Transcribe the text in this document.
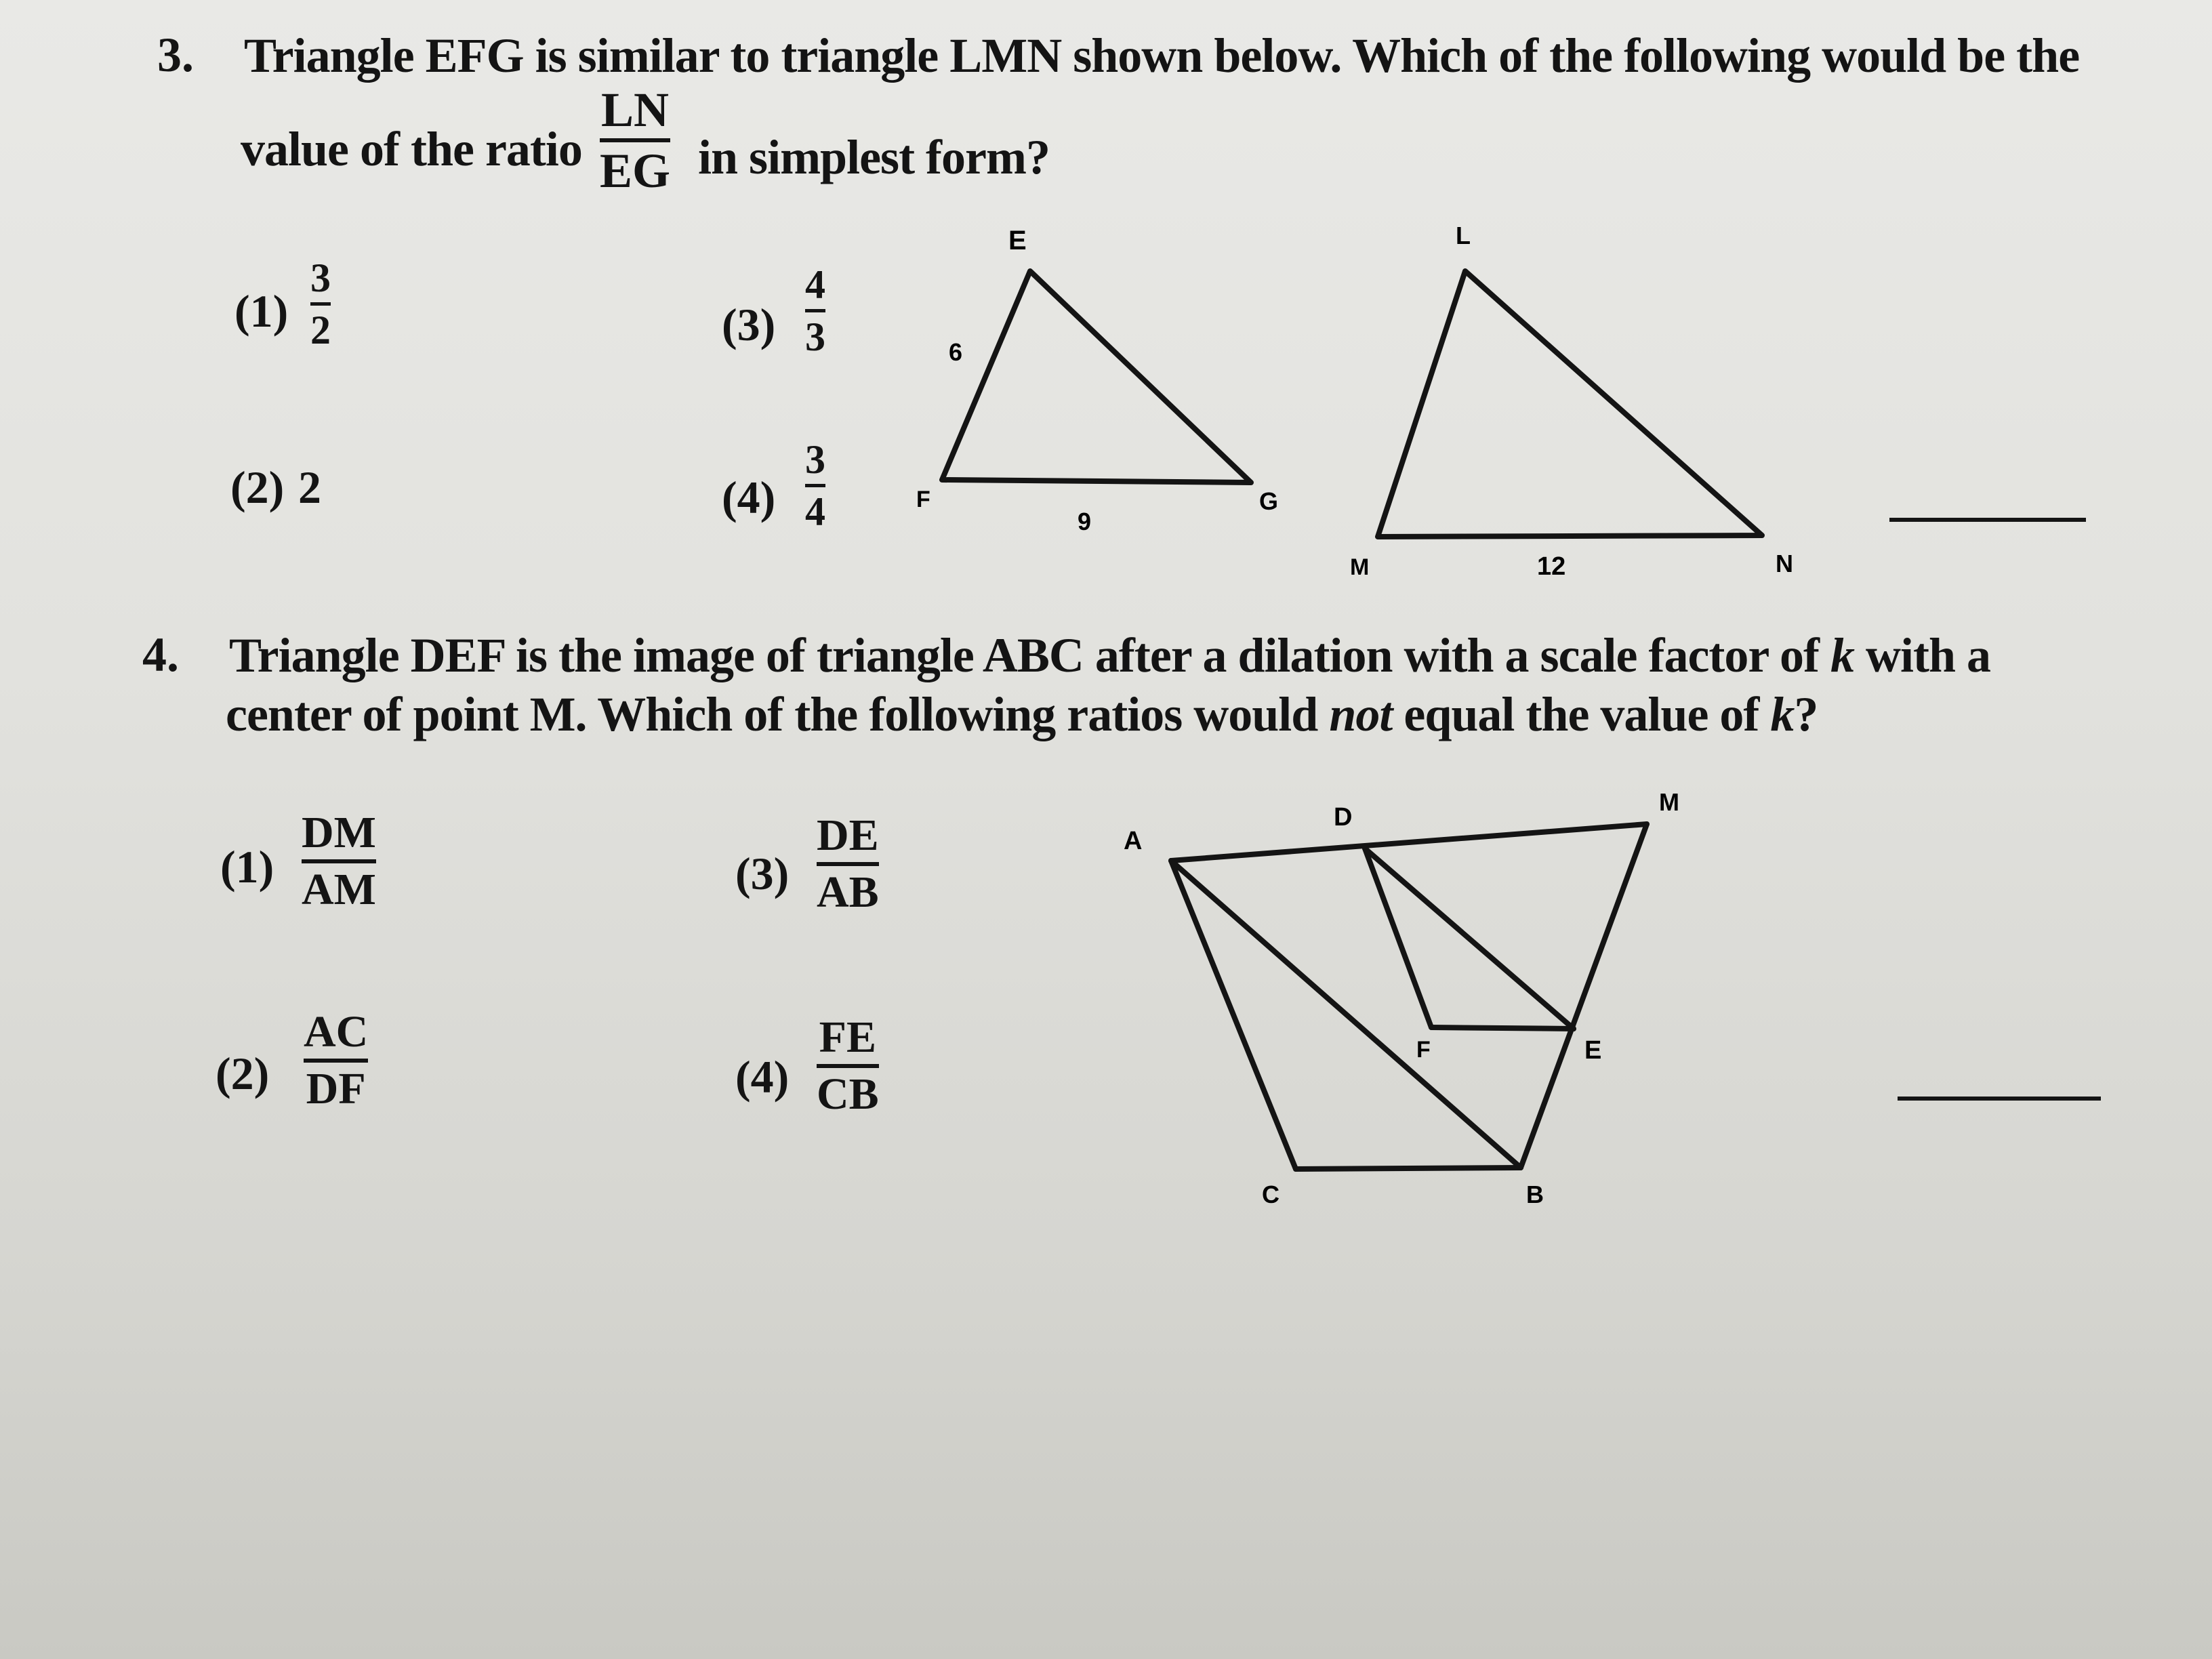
3. Triangle EFG is similar to triangle LMN shown below. Which of the following would be the
value of the ratio
LN
EG in simplest form?
(1)
3
2
(2) 2
(3)
4
3
(4)
3
4
E
F	G
6
9
L
M	N
12
4. Triangle DEF is the image of triangle ABC after a dilation with a scale factor of k with a
center of point M. Which of the following ratios would not equal the value of k?
(1)
DM
AM
(2)
AC
DF
(3)
DE
AB
(4)
FE
CB
A
D
M
F	E
C	B
